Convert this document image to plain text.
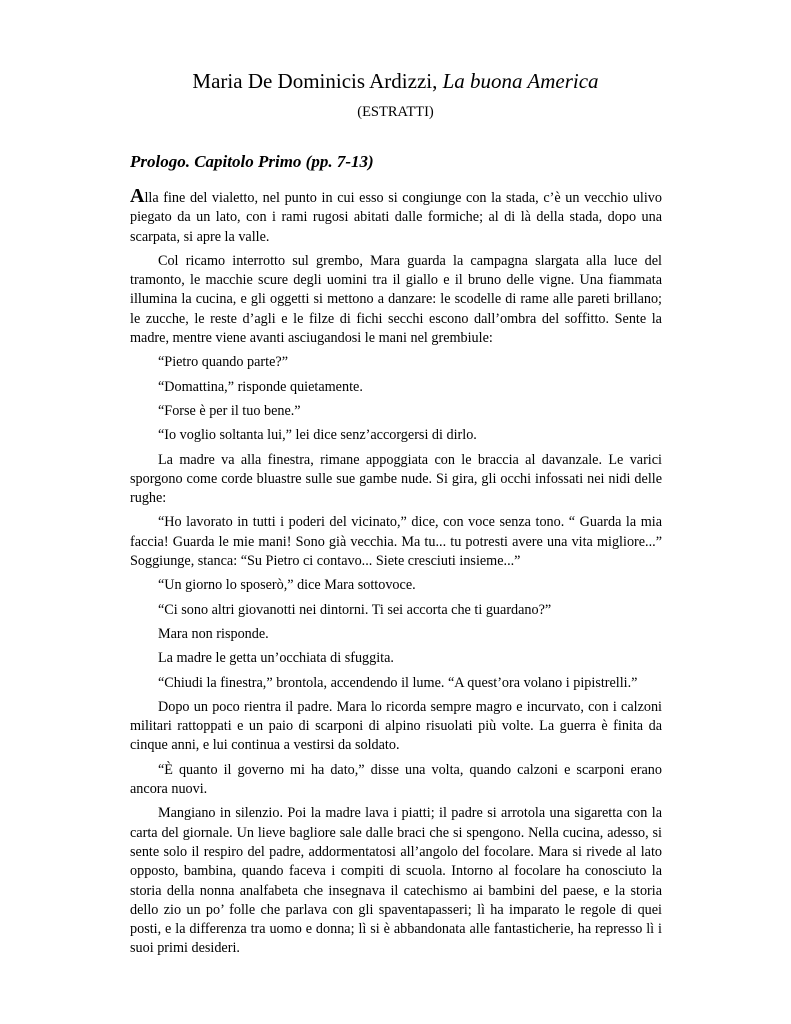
Maria De Dominicis Ardizzi, La buona America
(ESTRATTI)
Prologo. Capitolo Primo (pp. 7-13)

Alla fine del vialetto, nel punto in cui esso si congiunge con la stada, c’è un vecchio ulivo piegato da un lato, con i rami rugosi abitati dalle formiche; al di là della stada, dopo una scarpata, si apre la valle.

Col ricamo interrotto sul grembo, Mara guarda la campagna slargata alla luce del tramonto, le macchie scure degli uomini tra il giallo e il bruno delle vigne. Una fiammata illumina la cucina, e gli oggetti si mettono a danzare: le scodelle di rame alle pareti brillano; le zucche, le reste d’agli e le filze di fichi secchi escono dall’ombra del soffitto. Sente la madre, mentre viene avanti asciugandosi le mani nel grembiule:

“Pietro quando parte?”

“Domattina,” risponde quietamente.

“Forse è per il tuo bene.”

“Io voglio soltanta lui,” lei dice senz’accorgersi di dirlo.

La madre va alla finestra, rimane appoggiata con le braccia al davanzale. Le varici sporgono come corde bluastre sulle sue gambe nude. Si gira, gli occhi infossati nei nidi delle rughe:

“Ho lavorato in tutti i poderi del vicinato,” dice, con voce senza tono. “ Guarda la mia faccia! Guarda le mie mani! Sono già vecchia. Ma tu... tu potresti avere una vita migliore...” Soggiunge, stanca: “Su Pietro ci contavo... Siete cresciuti insieme...”

“Un giorno lo sposerò,” dice Mara sottovoce.

“Ci sono altri giovanotti nei dintorni. Ti sei accorta che ti guardano?”

Mara non risponde.

La madre le getta un’occhiata di sfuggita.

“Chiudi la finestra,” brontola, accendendo il lume. “A quest’ora volano i pipistrelli.”

Dopo un poco rientra il padre. Mara lo ricorda sempre magro e incurvato, con i calzoni militari rattoppati e un paio di scarponi di alpino risuolati più volte. La guerra è finita da cinque anni, e lui continua a vestirsi da soldato.

“È quanto il governo mi ha dato,” disse una volta, quando calzoni e scarponi erano ancora nuovi.

Mangiano in silenzio. Poi la madre lava i piatti; il padre si arrotola una sigaretta con la carta del giornale. Un lieve bagliore sale dalle braci che si spengono. Nella cucina, adesso, si sente solo il respiro del padre, addormentatosi all’angolo del focolare. Mara si rivede al lato opposto, bambina, quando faceva i compiti di scuola. Intorno al focolare ha conosciuto la storia della nonna analfabeta che insegnava il catechismo ai bambini del paese, e la storia dello zio un po’ folle che parlava con gli spaventapasseri; lì ha imparato le regole di quei posti, e la differenza tra uomo e donna; lì si è abbandonata alle fantasticherie, ha represso lì i suoi primi desideri.
